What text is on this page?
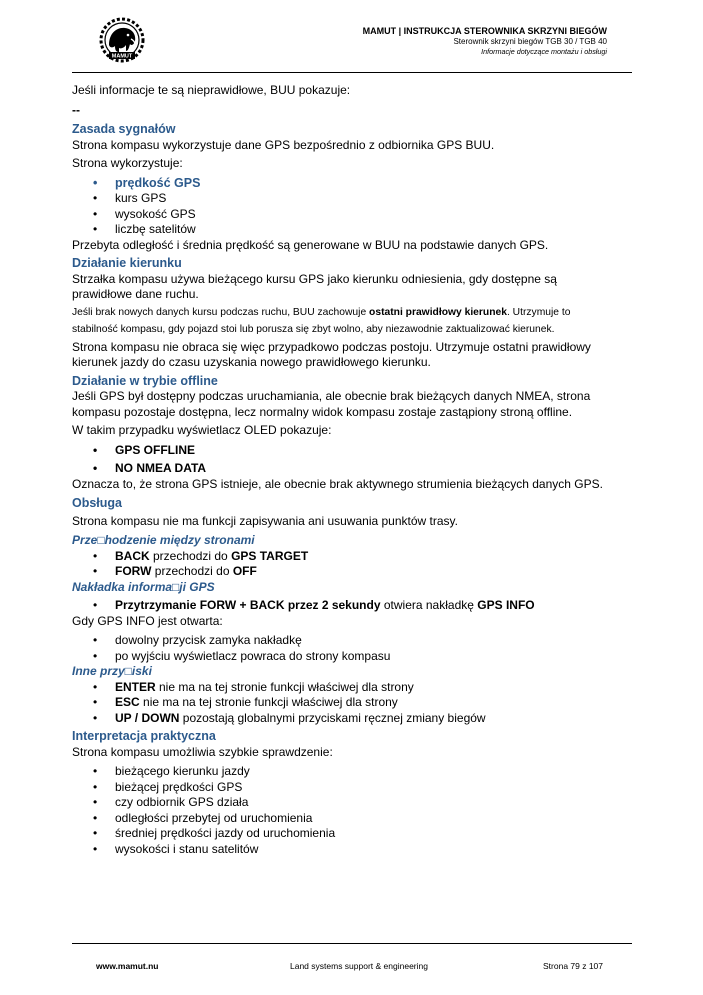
MAMUT
MAMUT | INSTRUKCJA STEROWNIKA SKRZYNI BIEGÓW
Sterownik skrzyni biegów TGB 30 / TGB 40
Informacje dotyczące montażu i obsługi

Jeśli informacje te są nieprawidłowe, BUU pokazuje:

--

Zasada sygnałów

Strona kompasu wykorzystuje dane GPS bezpośrednio z odbiornika GPS BUU.

Strona wykorzystuje:

• prędkość GPS
• kurs GPS
• wysokość GPS
• liczbę satelitów

Przebyta odległość i średnia prędkość są generowane w BUU na podstawie danych GPS.

Działanie kierunku

Strzałka kompasu używa bieżącego kursu GPS jako kierunku odniesienia, gdy dostępne są

prawidłowe dane ruchu.

Jeśli brak nowych danych kursu podczas ruchu, BUU zachowuje ostatni prawidłowy kierunek. Utrzymuje to

stabilność kompasu, gdy pojazd stoi lub porusza się zbyt wolno, aby niezawodnie zaktualizować kierunek.

Strona kompasu nie obraca się więc przypadkowo podczas postoju. Utrzymuje ostatni prawidłowy

kierunek jazdy do czasu uzyskania nowego prawidłowego kierunku.

Działanie w trybie offline

Jeśli GPS był dostępny podczas uruchamiania, ale obecnie brak bieżących danych NMEA, strona

kompasu pozostaje dostępna, lecz normalny widok kompasu zostaje zastąpiony stroną offline.

W takim przypadku wyświetlacz OLED pokazuje:

• GPS OFFLINE
• NO NMEA DATA

Oznacza to, że strona GPS istnieje, ale obecnie brak aktywnego strumienia bieżących danych GPS.

Obsługa

Strona kompasu nie ma funkcji zapisywania ani usuwania punktów trasy.

Prze□hodzenie między stronami
• BACK przechodzi do GPS TARGET
• FORW przechodzi do OFF
Nakładka informa□ji GPS
• Przytrzymanie FORW + BACK przez 2 sekundy otwiera nakładkę GPS INFO

Gdy GPS INFO jest otwarta:

• dowolny przycisk zamyka nakładkę
• po wyjściu wyświetlacz powraca do strony kompasu
Inne przy□iski
• ENTER nie ma na tej stronie funkcji właściwej dla strony
• ESC nie ma na tej stronie funkcji właściwej dla strony
• UP / DOWN pozostają globalnymi przyciskami ręcznej zmiany biegów
Interpretacja praktyczna

Strona kompasu umożliwia szybkie sprawdzenie:

• bieżącego kierunku jazdy
• bieżącej prędkości GPS
• czy odbiornik GPS działa
• odległości przebytej od uruchomienia
• średniej prędkości jazdy od uruchomienia
• wysokości i stanu satelitów
www.mamut.nu	Land systems support & engineering	Strona 79 z 107
